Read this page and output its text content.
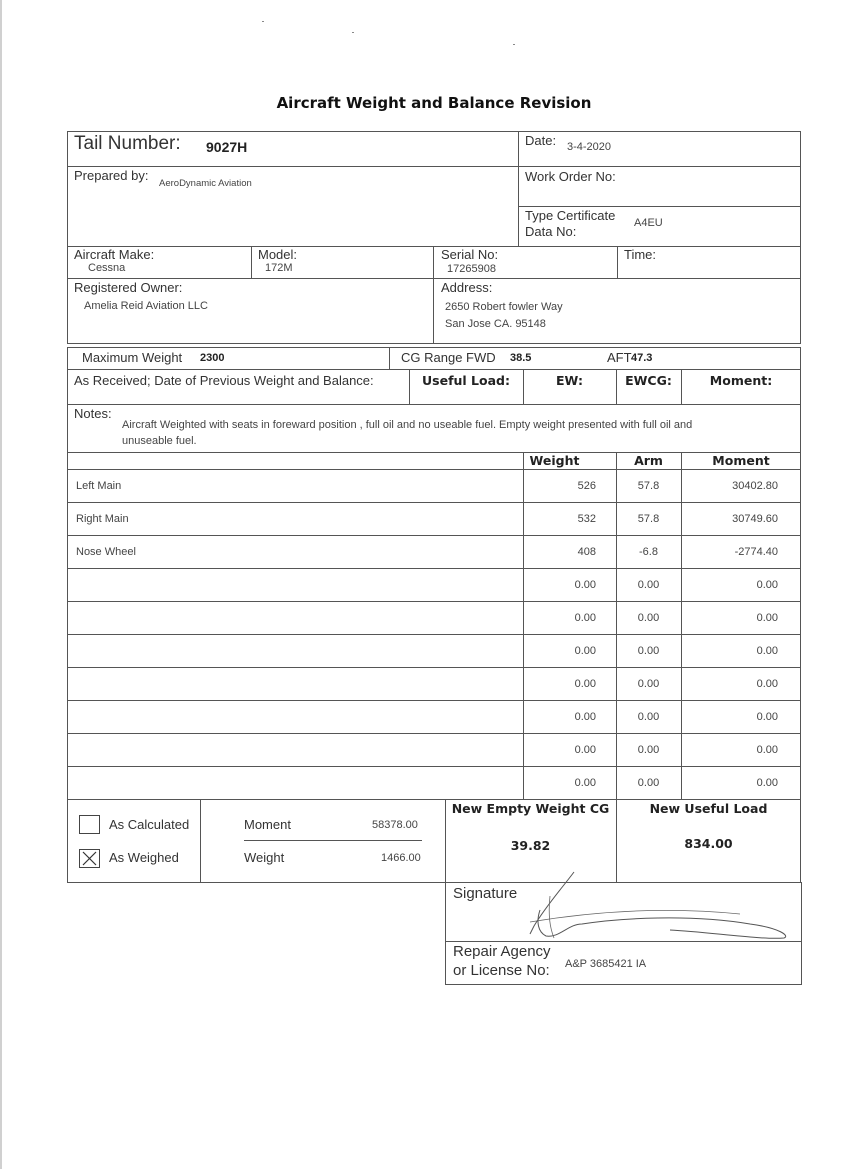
Aircraft Weight and Balance Revision
Tail Number: 9027H	Date: 3-4-2020
Prepared by:
AeroDynamic Aviation	Work Order No:
Type Certificate
Data No:
A4EU
Aircraft Make:
Cessna
Model:
172M
Serial No:
17265908
Time:
Registered Owner:
Amelia Reid Aviation LLC
Address:
2650 Robert fowler Way
San Jose CA. 95148
Maximum Weight 2300	CG Range FWD 38.5	AFT 47.3
As Received; Date of Previous Weight and Balance:	Useful Load:	EW:	EWCG:	Moment:
Notes:
Aircraft Weighted with seats in foreward position , full oil and no useable fuel. Empty weight presented with full oil and
unuseable fuel.
Weight	Arm	Moment
Left Main	526	57.8	30402.80
Right Main	532	57.8	30749.60
Nose Wheel	408	-6.8	-2774.40
0.00	0.00	0.00
0.00	0.00	0.00
0.00	0.00	0.00
0.00	0.00	0.00
0.00	0.00	0.00
0.00	0.00	0.00
0.00	0.00	0.00
As Calculated
As Weighed
Moment	58378.00
Weight	1466.00
New Empty Weight CG
39.82
New Useful Load
834.00
Signature
Repair Agency
or License No: A&P 3685421 IA
